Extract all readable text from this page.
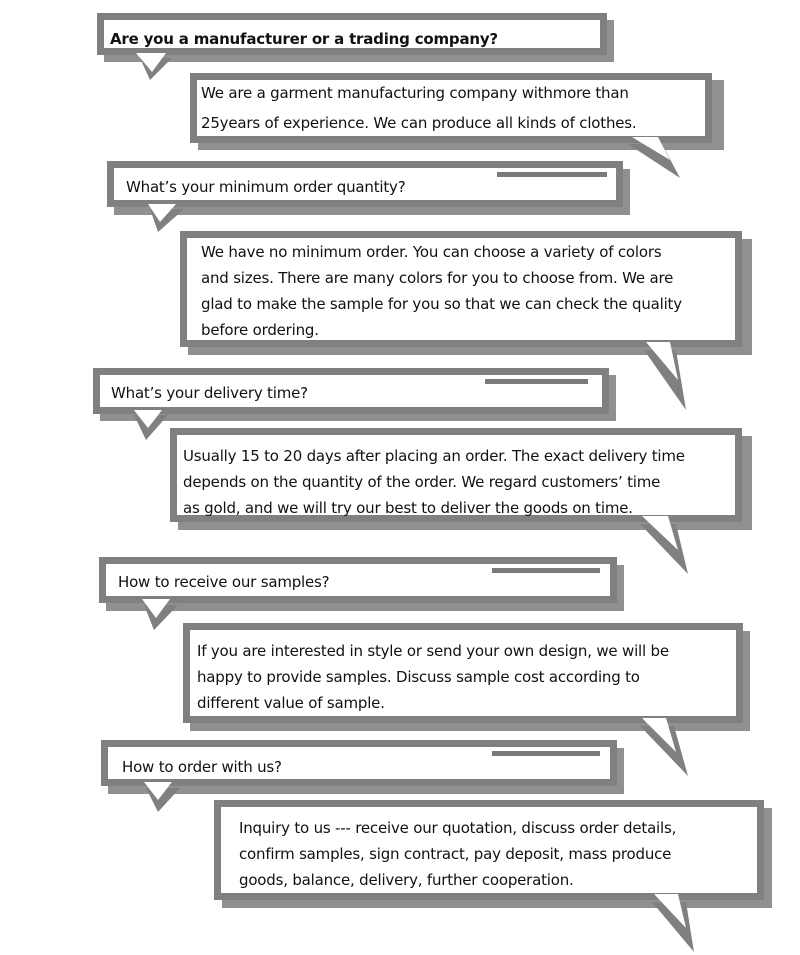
Are you a manufacturer or a trading company?
We are a garment manufacturing company withmore than
25years of experience. We can produce all kinds of clothes.
What’s your minimum order quantity?
We have no minimum order. You can choose a variety of colors
and sizes. There are many colors for you to choose from. We are
glad to make the sample for you so that we can check the quality
before ordering.
What’s your delivery time?
Usually 15 to 20 days after placing an order. The exact delivery time
depends on the quantity of the order. We regard customers’ time
as gold, and we will try our best to deliver the goods on time.
How to receive our samples?
If you are interested in style or send your own design, we will be
happy to provide samples. Discuss sample cost according to
different value of sample.
How to order with us?
Inquiry to us --- receive our quotation, discuss order details,
confirm samples, sign contract, pay deposit, mass produce
goods, balance, delivery, further cooperation.
